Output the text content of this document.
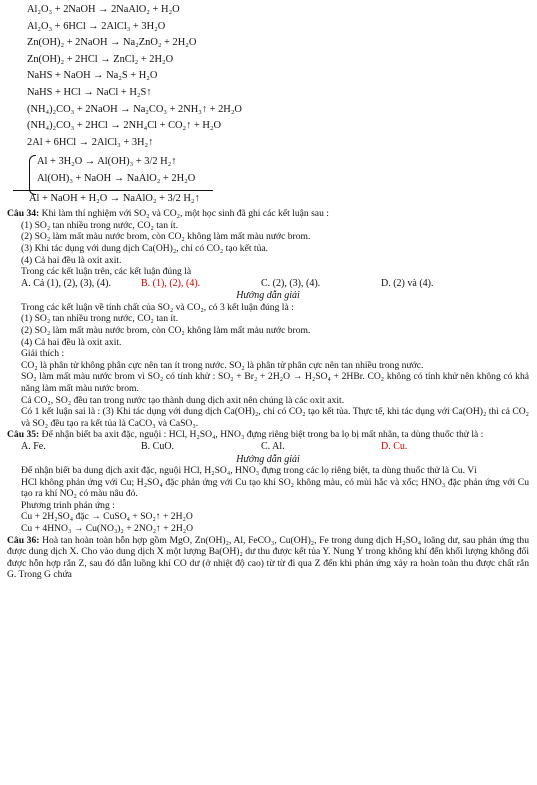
Al₂O₃ + 2NaOH → 2NaAlO₂ + H₂O
Al₂O₃ + 6HCl → 2AlCl₃ + 3H₂O
Zn(OH)₂ + 2NaOH → Na₂ZnO₂ + 2H₂O
Zn(OH)₂ + 2HCl → ZnCl₂ + 2H₂O
NaHS + NaOH → Na₂S + H₂O
NaHS + HCl → NaCl + H₂S↑
(NH₄)₂CO₃ + 2NaOH → Na₂CO₃ + 2NH₃↑ + 2H₂O
(NH₄)₂CO₃ + 2HCl → 2NH₄Cl + CO₂↑ + H₂O
2Al + 6HCl → 2AlCl₃ + 3H₂↑
Al + 3H₂O → Al(OH)₃ + 3/2 H₂↑
Al(OH)₃ + NaOH → NaAlO₂ + 2H₂O
Al + NaOH + H₂O → NaAlO₂ + 3/2 H₂↑

Câu 34: Khi làm thí nghiệm với SO₂ và CO₂, một học sinh đã ghi các kết luận sau :

(1) SO₂ tan nhiều trong nước, CO₂ tan ít.

(2) SO₂ làm mất màu nước brom, còn CO₂ không làm mất màu nước brom.

(3) Khi tác dụng với dung dịch Ca(OH)₂, chỉ có CO₂ tạo kết tủa.

(4) Cả hai đều là oxit axit.

Trong các kết luận trên, các kết luận đúng là

A. Cả (1), (2), (3), (4).	B. (1), (2), (4).	C. (2), (3), (4).	D. (2) và (4).
Hướng dẫn giải

Trong các kết luận về tính chất của SO₂ và CO₂, có 3 kết luận đúng là :

(1) SO₂ tan nhiều trong nước, CO₂ tan ít.

(2) SO₂ làm mất màu nước brom, còn CO₂ không làm mất màu nước brom.

(4) Cả hai đều là oxit axit.

Giải thích :

CO₂ là phân tử không phân cực nên tan ít trong nước. SO₂ là phân tử phân cực nên tan nhiều trong nước.

SO₂ làm mất màu nước brom vì SO₂ có tính khử : SO₂ + Br₂ + 2H₂O → H₂SO₄ + 2HBr. CO₂ không có tính khử nên không có khả năng làm mất màu nước brom.

Cả CO₂, SO₂ đều tan trong nước tạo thành dung dịch axit nên chúng là các oxit axit.

Có 1 kết luận sai là : (3) Khi tác dụng với dung dịch Ca(OH)₂, chỉ có CO₂ tạo kết tủa. Thực tế, khi tác dụng với Ca(OH)₂ thì cả CO₂ và SO₂ đều tạo ra kết tủa là CaCO₃ và CaSO₃.

Câu 35: Để nhận biết ba axit đặc, nguội : HCl, H₂SO₄, HNO₃ đựng riêng biệt trong ba lọ bị mất nhãn, ta dùng thuốc thử là :

A. Fe.	B. CuO.	C. Al.	D. Cu.
Hướng dẫn giải

Để nhận biết ba dung dịch axit đặc, nguội HCl, H₂SO₄, HNO₃ đựng trong các lọ riêng biệt, ta dùng thuốc thử là Cu. Vì

HCl không phản ứng với Cu; H₂SO₄ đặc phản ứng với Cu tạo khí SO₂ không màu, có mùi hắc và xốc; HNO₃ đặc phản ứng với Cu tạo ra khí NO₂ có màu nâu đỏ.

Phương trình phản ứng :

Cu + 2H₂SO₄ đặc → CuSO₄ + SO₂↑ + 2H₂O

Cu + 4HNO₃ → Cu(NO₃)₂ + 2NO₂↑ + 2H₂O

Câu 36: Hoà tan hoàn toàn hỗn hợp gồm MgO, Zn(OH)₂, Al, FeCO₃, Cu(OH)₂, Fe trong dung dịch H₂SO₄ loãng dư, sau phản ứng thu được dung dịch X. Cho vào dung dịch X một lượng Ba(OH)₂ dư thu được kết tủa Y. Nung Y trong không khí đến khối lượng không đổi được hỗn hợp rắn Z, sau đó dẫn luồng khí CO dư (ở nhiệt độ cao) từ từ đi qua Z đến khi phản ứng xảy ra hoàn toàn thu được chất rắn G. Trong G chứa
